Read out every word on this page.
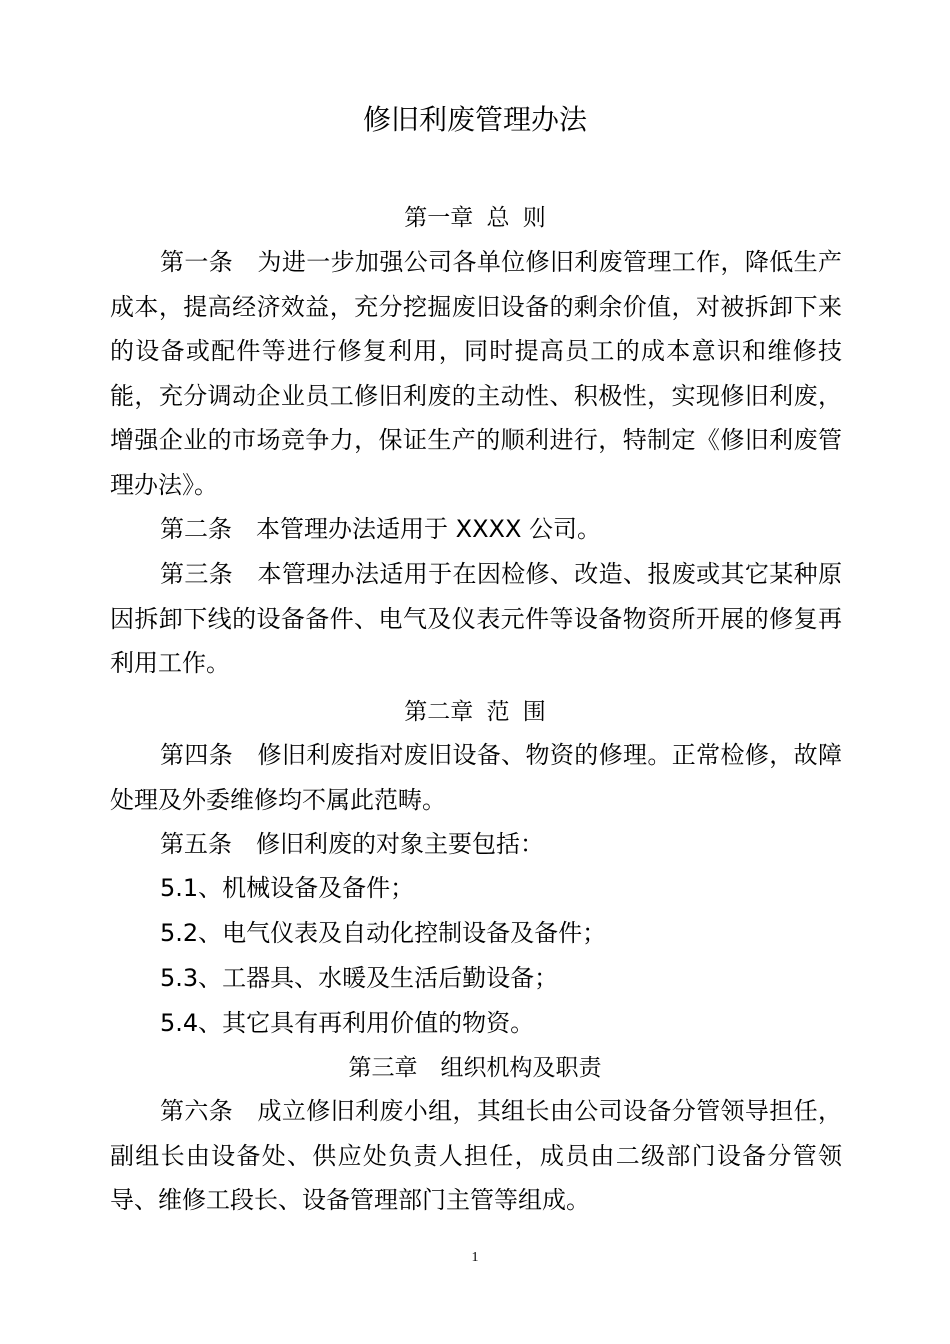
修旧利废管理办法
第一章 总 则
第一条　为进一步加强公司各单位修旧利废管理工作，降低生产成本，提高经济效益，充分挖掘废旧设备的剩余价值，对被拆卸下来的设备或配件等进行修复利用，同时提高员工的成本意识和维修技能，充分调动企业员工修旧利废的主动性、积极性，实现修旧利废，增强企业的市场竞争力，保证生产的顺利进行，特制定《修旧利废管理办法》。
第二条　本管理办法适用于 XXXX 公司。
第三条　本管理办法适用于在因检修、改造、报废或其它某种原因拆卸下线的设备备件、电气及仪表元件等设备物资所开展的修复再利用工作。
第二章 范 围
第四条　修旧利废指对废旧设备、物资的修理。正常检修，故障处理及外委维修均不属此范畴。
第五条　修旧利废的对象主要包括：
5.1、机械设备及备件；
5.2、电气仪表及自动化控制设备及备件；
5.3、工器具、水暖及生活后勤设备；
5.4、其它具有再利用价值的物资。
第三章　组织机构及职责
第六条　成立修旧利废小组，其组长由公司设备分管领导担任，副组长由设备处、供应处负责人担任，成员由二级部门设备分管领导、维修工段长、设备管理部门主管等组成。
1
